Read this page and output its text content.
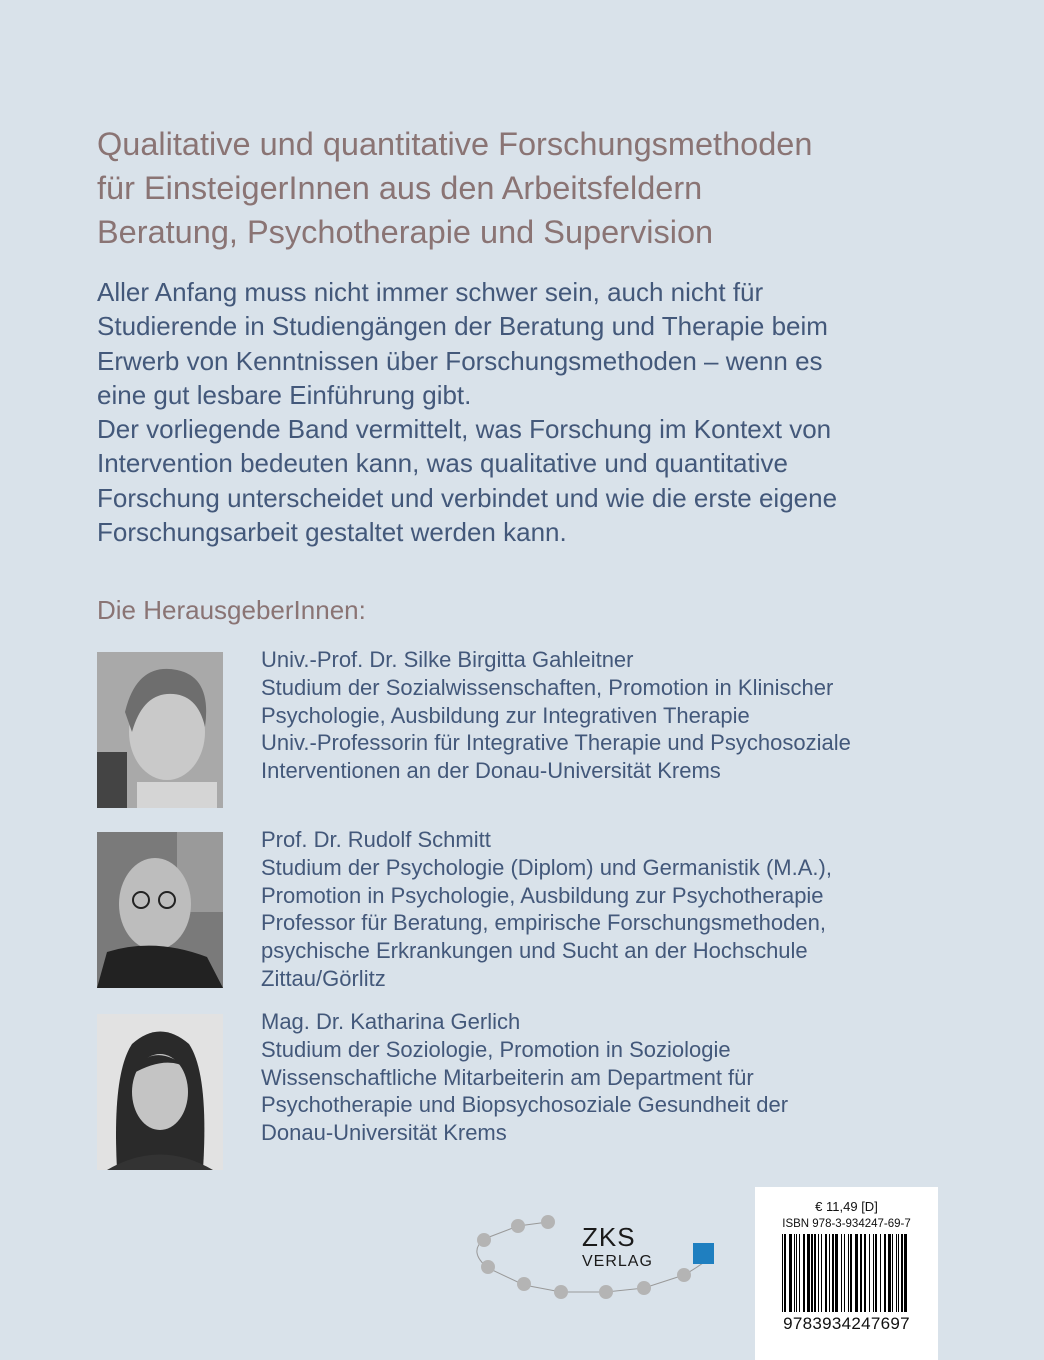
Qualitative und quantitative Forschungsmethoden
für EinsteigerInnen aus den Arbeitsfeldern
Beratung, Psychotherapie und Supervision
Aller Anfang muss nicht immer schwer sein, auch nicht für
Studierende in Studiengängen der Beratung und Therapie beim
Erwerb von Kenntnissen über Forschungsmethoden – wenn es
eine gut lesbare Einführung gibt.
Der vorliegende Band vermittelt, was Forschung im Kontext von
Intervention bedeuten kann, was qualitative und quantitative
Forschung unterscheidet und verbindet und wie die erste eigene
Forschungsarbeit gestaltet werden kann.
Die HerausgeberInnen:
Univ.-Prof. Dr. Silke Birgitta Gahleitner
Studium der Sozialwissenschaften, Promotion in Klinischer
Psychologie, Ausbildung zur Integrativen Therapie
Univ.-Professorin für Integrative Therapie und Psychosoziale
Interventionen an der Donau-Universität Krems
Prof. Dr. Rudolf Schmitt
Studium der Psychologie (Diplom) und Germanistik (M.A.),
Promotion in Psychologie, Ausbildung zur Psychotherapie
Professor für Beratung, empirische Forschungsmethoden,
psychische Erkrankungen und Sucht an der Hochschule
Zittau/Görlitz
Mag. Dr. Katharina Gerlich
Studium der Soziologie, Promotion in Soziologie
Wissenschaftliche Mitarbeiterin am Department für
Psychotherapie und Biopsychosoziale Gesundheit der
Donau-Universität Krems
ZKS
VERLAG
€ 11,49 [D]
ISBN 978-3-934247-69-7
9783934247697
